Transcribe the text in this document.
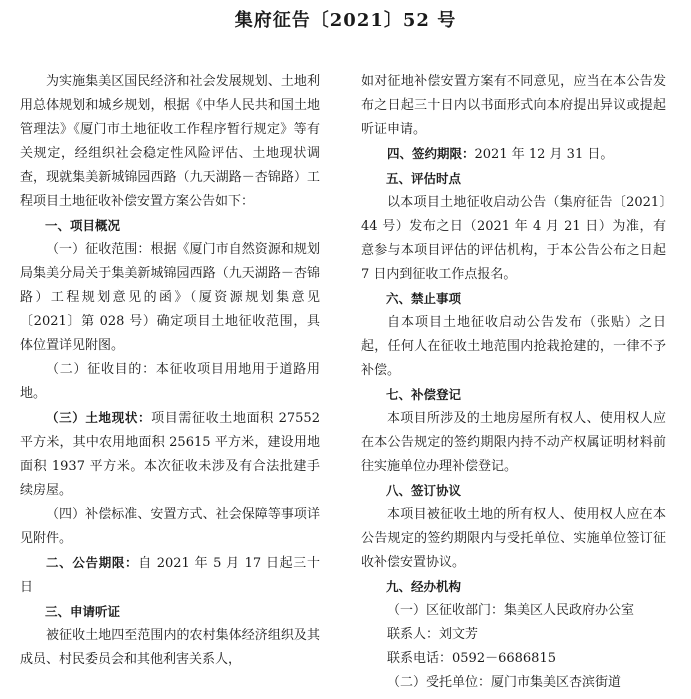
集府征告〔2021〕52 号

为实施集美区国民经济和社会发展规划、土地利用总体规划和城乡规划，根据《中华人民共和国土地管理法》《厦门市土地征收工作程序暂行规定》等有关规定，经组织社会稳定性风险评估、土地现状调查，现就集美新城锦园西路（九天湖路－杏锦路）工程项目土地征收补偿安置方案公告如下：

一、项目概况

（一）征收范围：根据《厦门市自然资源和规划局集美分局关于集美新城锦园西路（九天湖路－杏锦路）工程规划意见的函》（厦资源规划集意见〔2021〕第 028 号）确定项目土地征收范围，具体位置详见附图。

（二）征收目的：本征收项目用地用于道路用地。

（三）土地现状：项目需征收土地面积 27552 平方米，其中农用地面积 25615 平方米，建设用地面积 1937 平方米。本次征收未涉及有合法批建手续房屋。

（四）补偿标准、安置方式、社会保障等事项详见附件。

二、公告期限：自 2021 年 5 月 17 日起三十日

三、申请听证

被征收土地四至范围内的农村集体经济组织及其成员、村民委员会和其他利害关系人，

如对征地补偿安置方案有不同意见，应当在本公告发布之日起三十日内以书面形式向本府提出异议或提起听证申请。

四、签约期限：2021 年 12 月 31 日。

五、评估时点

以本项目土地征收启动公告（集府征告〔2021〕44 号）发布之日（2021 年 4 月 21 日）为准，有意参与本项目评估的评估机构，于本公告公布之日起 7 日内到征收工作点报名。

六、禁止事项

自本项目土地征收启动公告发布（张贴）之日起，任何人在征收土地范围内抢栽抢建的，一律不予补偿。

七、补偿登记

本项目所涉及的土地房屋所有权人、使用权人应在本公告规定的签约期限内持不动产权属证明材料前往实施单位办理补偿登记。

八、签订协议

本项目被征收土地的所有权人、使用权人应在本公告规定的签约期限内与受托单位、实施单位签订征收补偿安置协议。

九、经办机构

（一）区征收部门：集美区人民政府办公室

联系人：刘文芳

联系电话：0592－6686815

（二）受托单位：厦门市集美区杏滨街道
